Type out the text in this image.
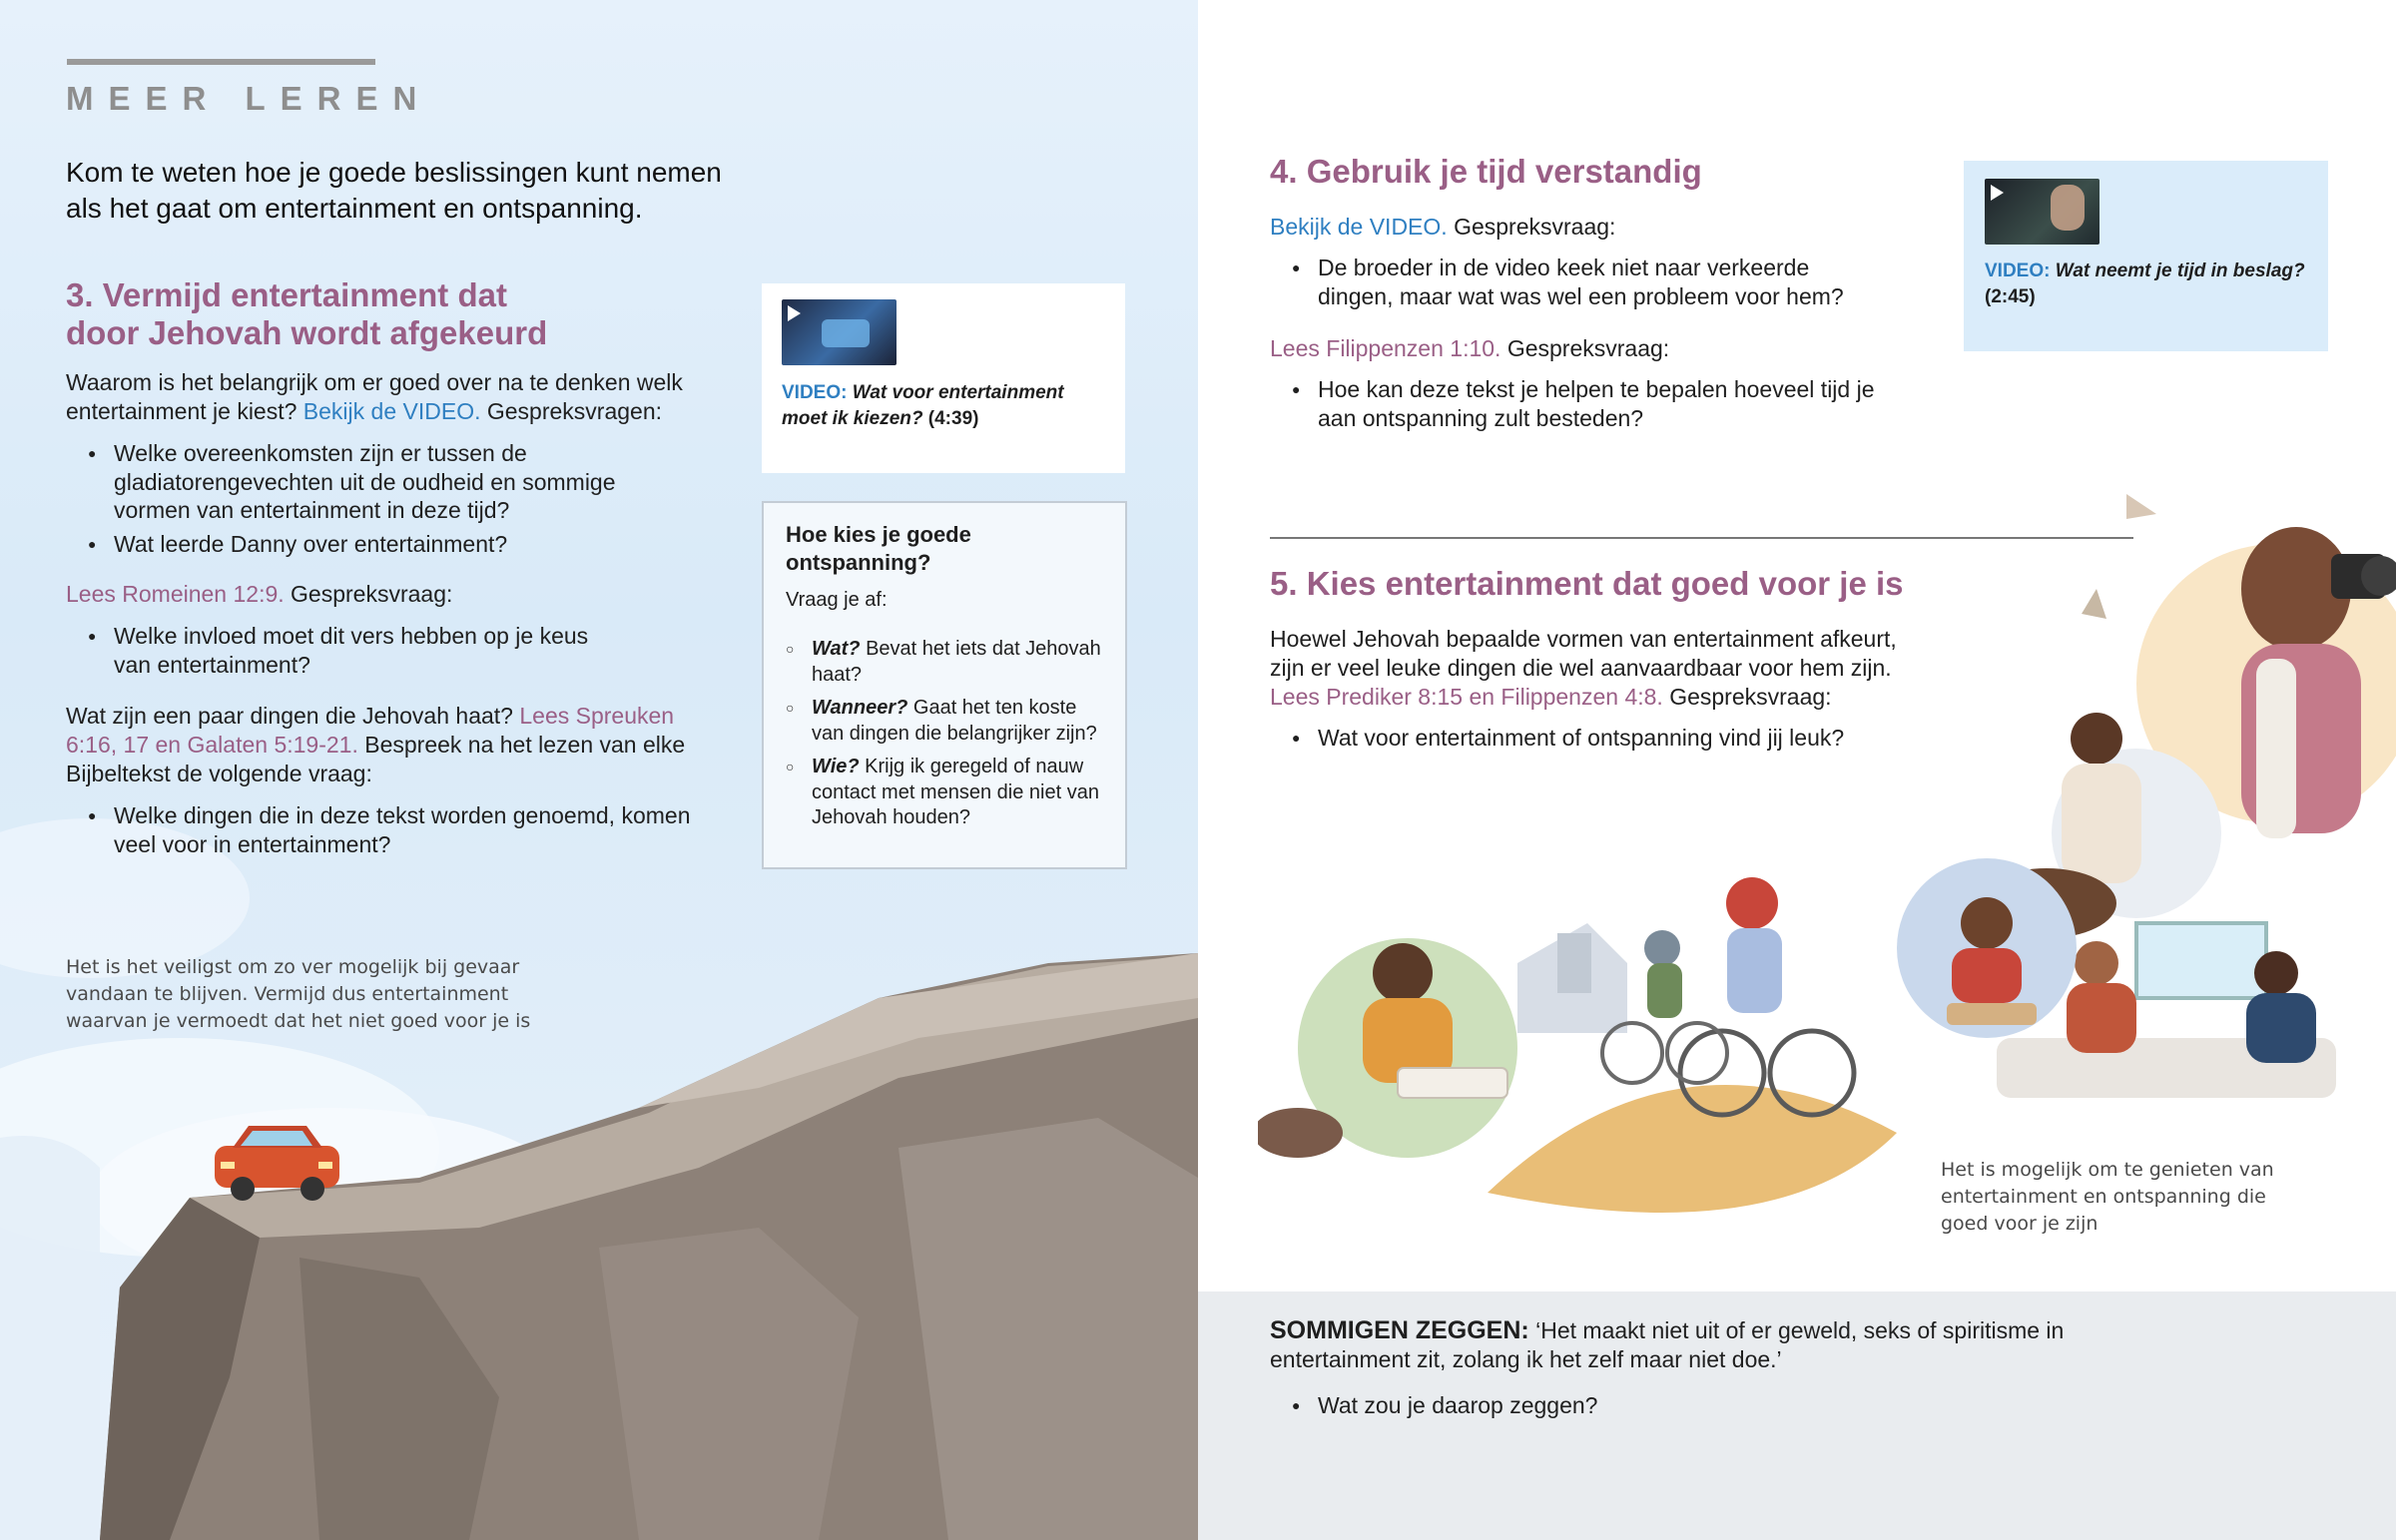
MEER LEREN
Kom te weten hoe je goede beslissingen kunt nemen als het gaat om entertainment en ontspanning.
3. Vermijd entertainment dat
door Jehovah wordt afgekeurd
Waarom is het belangrijk om er goed over na te denken welk entertainment je kiest? Bekijk de VIDEO. Gespreksvragen:
● Welke overeenkomsten zijn er tussen de gladiatorengevechten uit de oudheid en sommige vormen van entertainment in deze tijd?
● Wat leerde Danny over entertainment?
Lees Romeinen 12:9. Gespreksvraag:
● Welke invloed moet dit vers hebben op je keus van entertainment?
Wat zijn een paar dingen die Jehovah haat? Lees Spreuken 6:16, 17 en Galaten 5:19-21. Bespreek na het lezen van elke Bijbeltekst de volgende vraag:
● Welke dingen die in deze tekst worden genoemd, komen veel voor in entertainment?
VIDEO: Wat voor entertainment moet ik kiezen? (4:39)
Hoe kies je goede ontspanning?
Vraag je af:
○ Wat? Bevat het iets dat Jehovah haat?
○ Wanneer? Gaat het ten koste van dingen die belangrijker zijn?
○ Wie? Krijg ik geregeld of nauw contact met mensen die niet van Jehovah houden?
Het is het veiligst om zo ver mogelijk bij gevaar vandaan te blijven. Vermijd dus entertainment waarvan je vermoedt dat het niet goed voor je is
4. Gebruik je tijd verstandig
Bekijk de VIDEO. Gespreksvraag:
● De broeder in de video keek niet naar verkeerde dingen, maar wat was wel een probleem voor hem?
Lees Filippenzen 1:10. Gespreksvraag:
● Hoe kan deze tekst je helpen te bepalen hoeveel tijd je aan ontspanning zult besteden?
VIDEO: Wat neemt je tijd in beslag? (2:45)
5. Kies entertainment dat goed voor je is
Hoewel Jehovah bepaalde vormen van entertainment afkeurt, zijn er veel leuke dingen die wel aanvaardbaar voor hem zijn. Lees Prediker 8:15 en Filippenzen 4:8. Gespreksvraag:
● Wat voor entertainment of ontspanning vind jij leuk?
Het is mogelijk om te genieten van entertainment en ontspanning die goed voor je zijn
SOMMIGEN ZEGGEN: ‘Het maakt niet uit of er geweld, seks of spiritisme in entertainment zit, zolang ik het zelf maar niet doe.’
● Wat zou je daarop zeggen?
